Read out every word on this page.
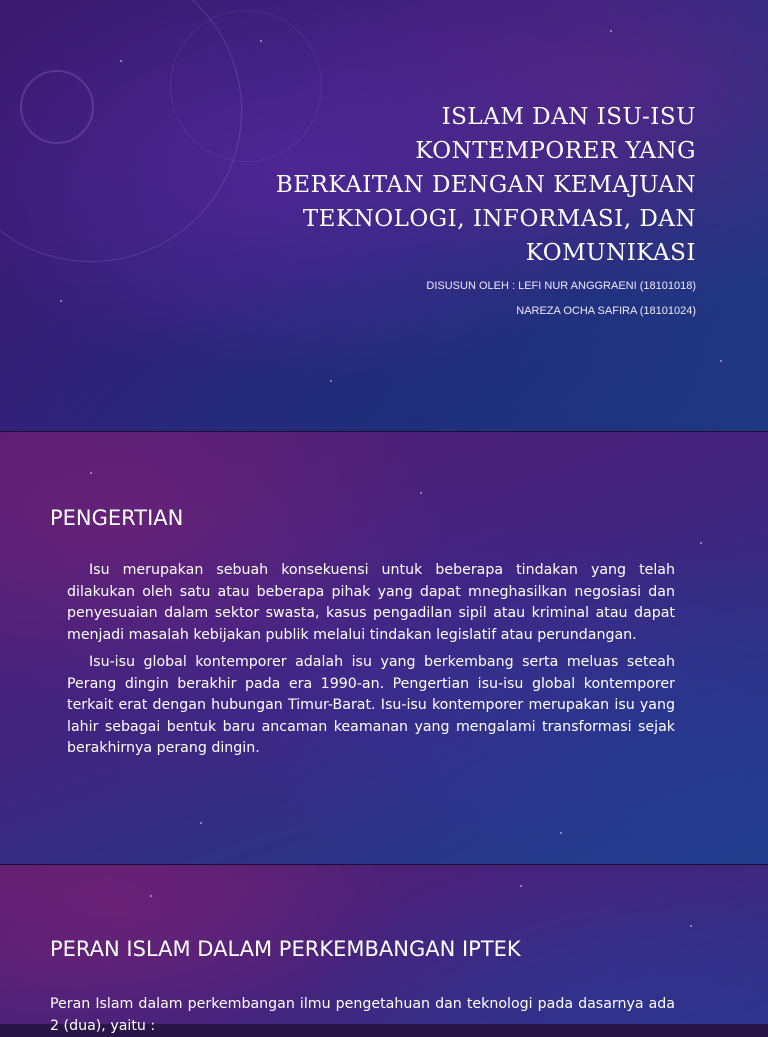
ISLAM DAN ISU-ISU
KONTEMPORER YANG
BERKAITAN DENGAN KEMAJUAN
TEKNOLOGI, INFORMASI, DAN
KOMUNIKASI

DISUSUN OLEH : LEFI NUR ANGGRAENI (18101018)

NAREZA OCHA SAFIRA (18101024)

PENGERTIAN

Isu merupakan sebuah konsekuensi untuk beberapa tindakan yang telah dilakukan oleh satu atau beberapa pihak yang dapat mneghasilkan negosiasi dan penyesuaian dalam sektor swasta, kasus pengadilan sipil atau kriminal atau dapat menjadi masalah kebijakan publik melalui tindakan legislatif atau perundangan.

Isu-isu global kontemporer adalah isu yang berkembang serta meluas seteah Perang dingin berakhir pada era 1990-an. Pengertian isu-isu global kontemporer terkait erat dengan hubungan Timur-Barat. Isu-isu kontemporer merupakan isu yang lahir sebagai bentuk baru ancaman keamanan yang mengalami transformasi sejak berakhirnya perang dingin.

PERAN ISLAM DALAM PERKEMBANGAN IPTEK

Peran Islam dalam perkembangan ilmu pengetahuan dan teknologi pada dasarnya ada 2 (dua), yaitu :
